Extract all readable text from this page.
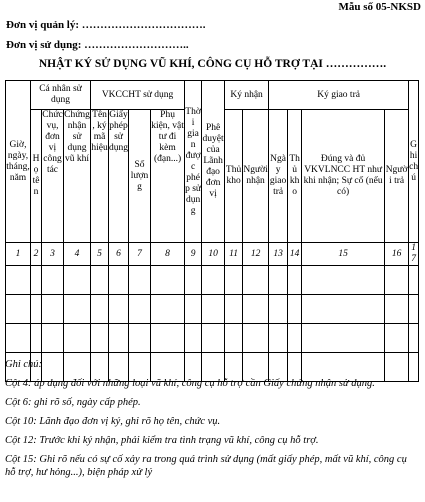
Mẫu số 05-NKSD
Đơn vị quản lý: …………………………….
Đơn vị sử dụng: ………………………..
NHẬT KÝ SỬ DỤNG VŨ KHÍ, CÔNG CỤ HỖ TRỢ TẠI …………….
Giờ, ngày, tháng, năm	Cá nhân sử dụng			VKCCHT sử dụng				Thời gian được phép sử dụng	Phê duyệt của Lãnh đạo đơn vị	Ký nhận		Ký giao trả				Ghi chú
	Họ tên	Chức vụ, đơn vị công tác	Chứng nhận sử dụng vũ khí	Tên, ký mã hiệu	Giấy phép sử dụng	Số lượng	Phụ kiện, vật tư đi kèm (đạn...)			Thủ kho	Người nhận	Ngày giao trả	Thủ kho	Đúng và đủ VKVLNCC HT như khi nhận; Sự cố (nếu có)	Người trả	
1	2	3	4	5	6	7	8	9	10	11	12	13	14	15	16	17

Ghi chú:

Cột 4: áp dụng đối với những loại vũ khí, công cụ hỗ trợ cần Giấy chứng nhận sử dụng.

Cột 6: ghi rõ số, ngày cấp phép.

Cột 10: Lãnh đạo đơn vị ký, ghi rõ họ tên, chức vụ.

Cột 12: Trước khi ký nhận, phải kiểm tra tình trạng vũ khí, công cụ hỗ trợ.

Cột 15: Ghi rõ nếu có sự cố xảy ra trong quá trình sử dụng (mất giấy phép, mất vũ khí, công cụ hỗ trợ, hư hỏng...), biện pháp xử lý
